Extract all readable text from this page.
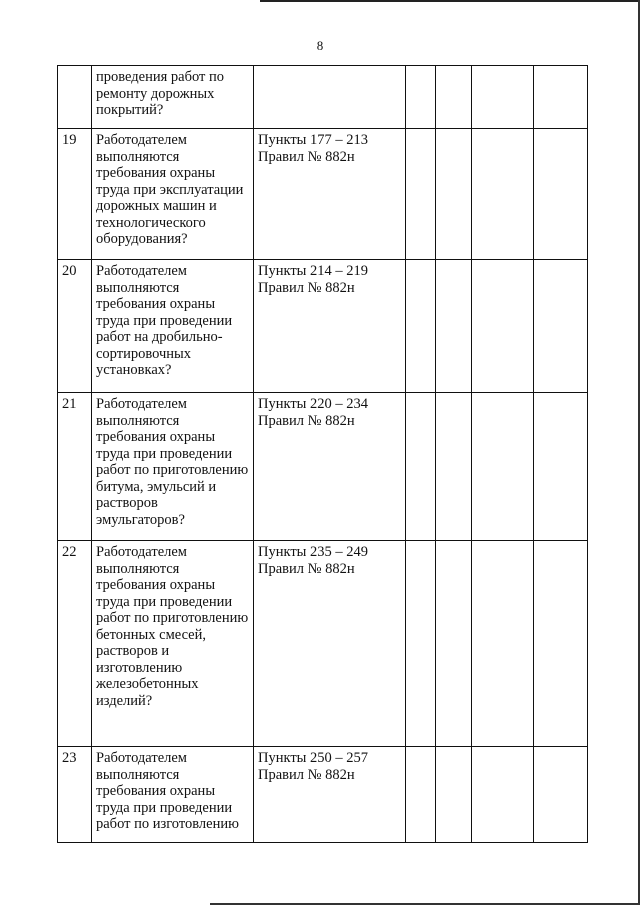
8
	проведения работ по ремонту дорожных покрытий?					
19	Работодателем выполняются требования охраны труда при эксплуатации дорожных машин и технологического оборудования?	Пункты 177 – 213 Правил № 882н				
20	Работодателем выполняются требования охраны труда при проведении работ на дробильно-сортировочных установках?	Пункты 214 – 219 Правил № 882н				
21	Работодателем выполняются требования охраны труда при проведении работ по приготовлению битума, эмульсий и растворов эмульгаторов?	Пункты 220 – 234 Правил № 882н				
22	Работодателем выполняются требования охраны труда при проведении работ по приготовлению бетонных смесей, растворов и изготовлению железобетонных изделий?	Пункты 235 – 249 Правил № 882н				
23	Работодателем выполняются требования охраны труда при проведении работ по изготовлению	Пункты 250 – 257 Правил № 882н				
